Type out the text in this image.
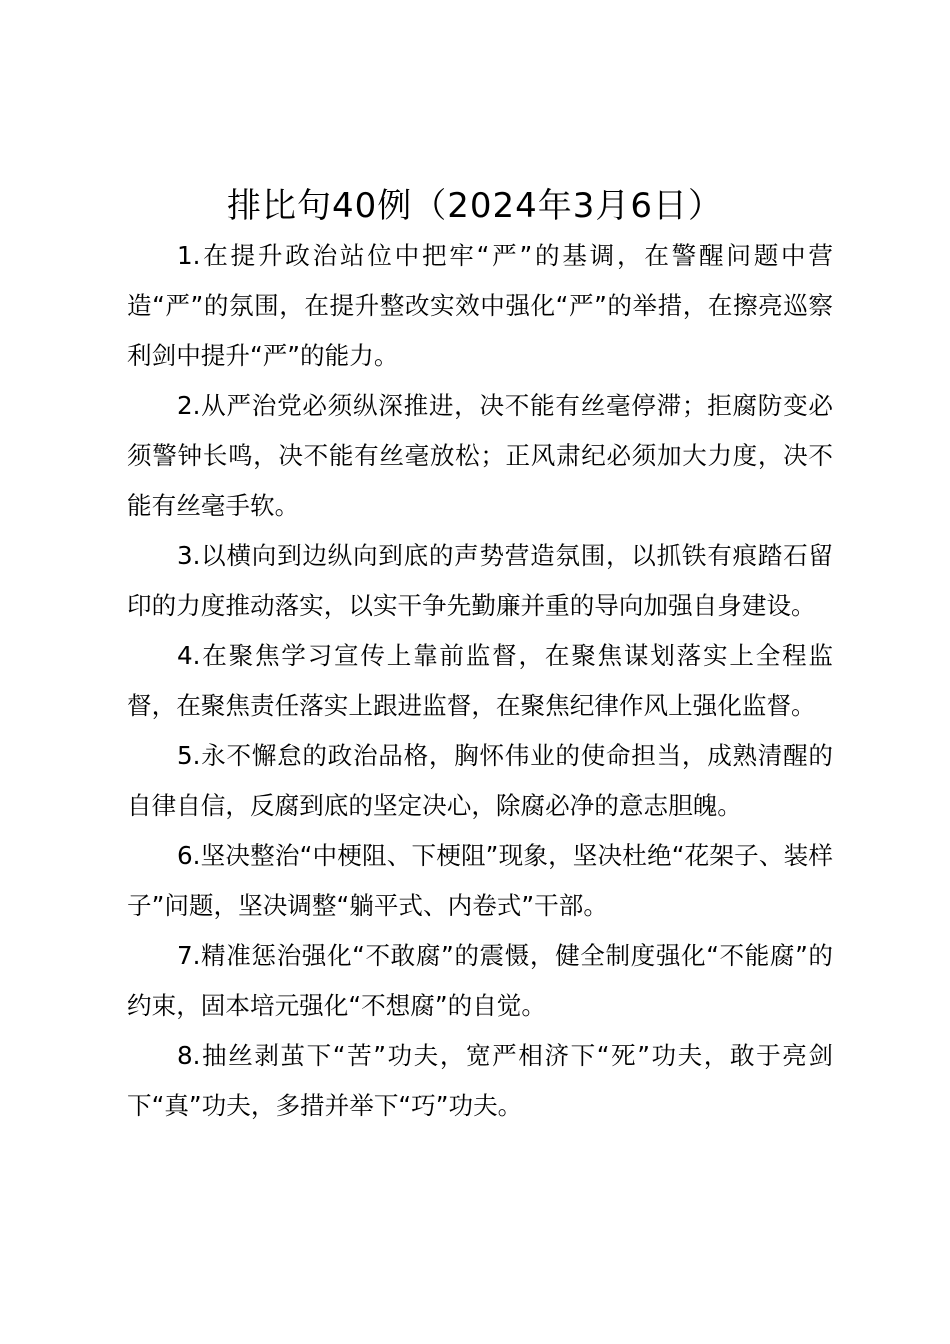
排比句40例（2024年3月6日）

1.在提升政治站位中把牢“严”的基调，在警醒问题中营造“严”的氛围，在提升整改实效中强化“严”的举措，在擦亮巡察利剑中提升“严”的能力。

2.从严治党必须纵深推进，决不能有丝毫停滞；拒腐防变必须警钟长鸣，决不能有丝毫放松；正风肃纪必须加大力度，决不能有丝毫手软。

3.以横向到边纵向到底的声势营造氛围，以抓铁有痕踏石留印的力度推动落实，以实干争先勤廉并重的导向加强自身建设。

4.在聚焦学习宣传上靠前监督，在聚焦谋划落实上全程监督，在聚焦责任落实上跟进监督，在聚焦纪律作风上强化监督。

5.永不懈怠的政治品格，胸怀伟业的使命担当，成熟清醒的自律自信，反腐到底的坚定决心，除腐必净的意志胆魄。

6.坚决整治“中梗阻、下梗阻”现象，坚决杜绝“花架子、装样子”问题，坚决调整“躺平式、内卷式”干部。

7.精准惩治强化“不敢腐”的震慑，健全制度强化“不能腐”的约束，固本培元强化“不想腐”的自觉。

8.抽丝剥茧下“苦”功夫，宽严相济下“死”功夫，敢于亮剑下“真”功夫，多措并举下“巧”功夫。
